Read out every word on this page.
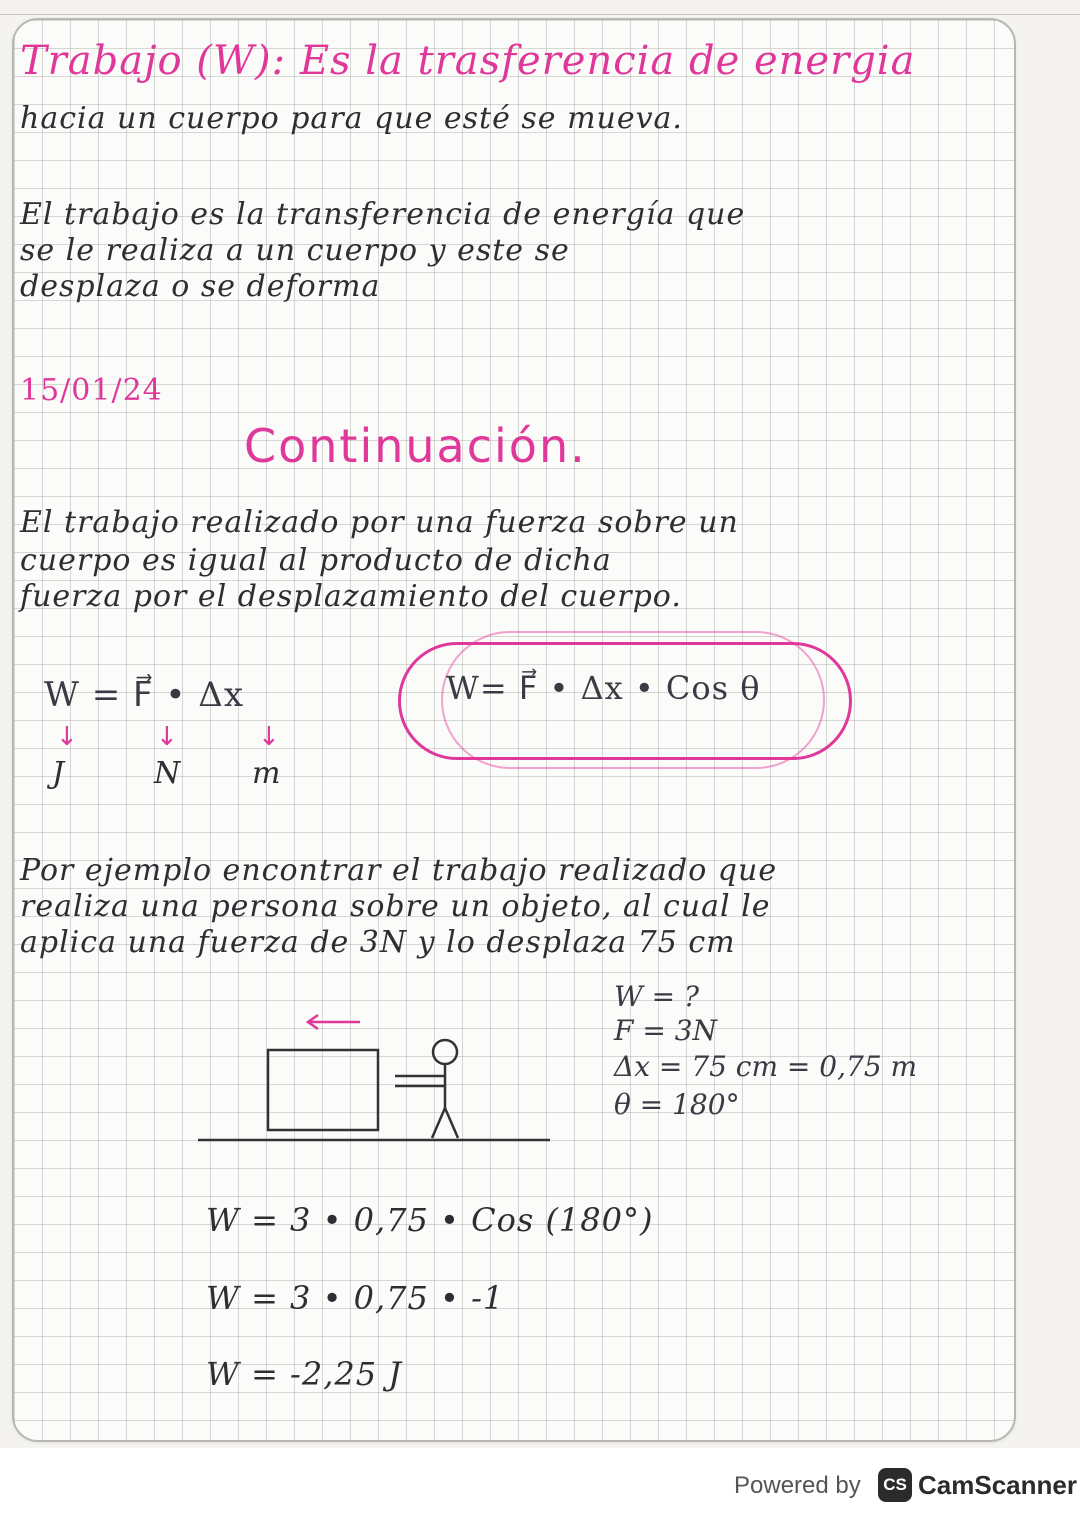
Trabajo (W): Es la trasferencia de energia

hacia un cuerpo para que esté se mueva.

El trabajo es la transferencia de energía que

se le realiza a un cuerpo y este se

desplaza o se deforma

15/01/24

Continuación.

El trabajo realizado por una fuerza sobre un

cuerpo es igual al producto de dicha

fuerza por el desplazamiento del cuerpo.

W = F⃗ • Δx

↓	↓	↓
J	N m

W= F⃗ • Δx • Cos θ

Por ejemplo encontrar el trabajo realizado que

realiza una persona sobre un objeto, al cual le

aplica una fuerza de 3N y lo desplaza 75 cm

W = ?
F = 3N
Δx = 75 cm = 0,75 m
θ = 180°

W = 3 • 0,75 • Cos (180°)

W = 3 • 0,75 • -1

W = -2,25 J

Powered by	CS CamScanner
